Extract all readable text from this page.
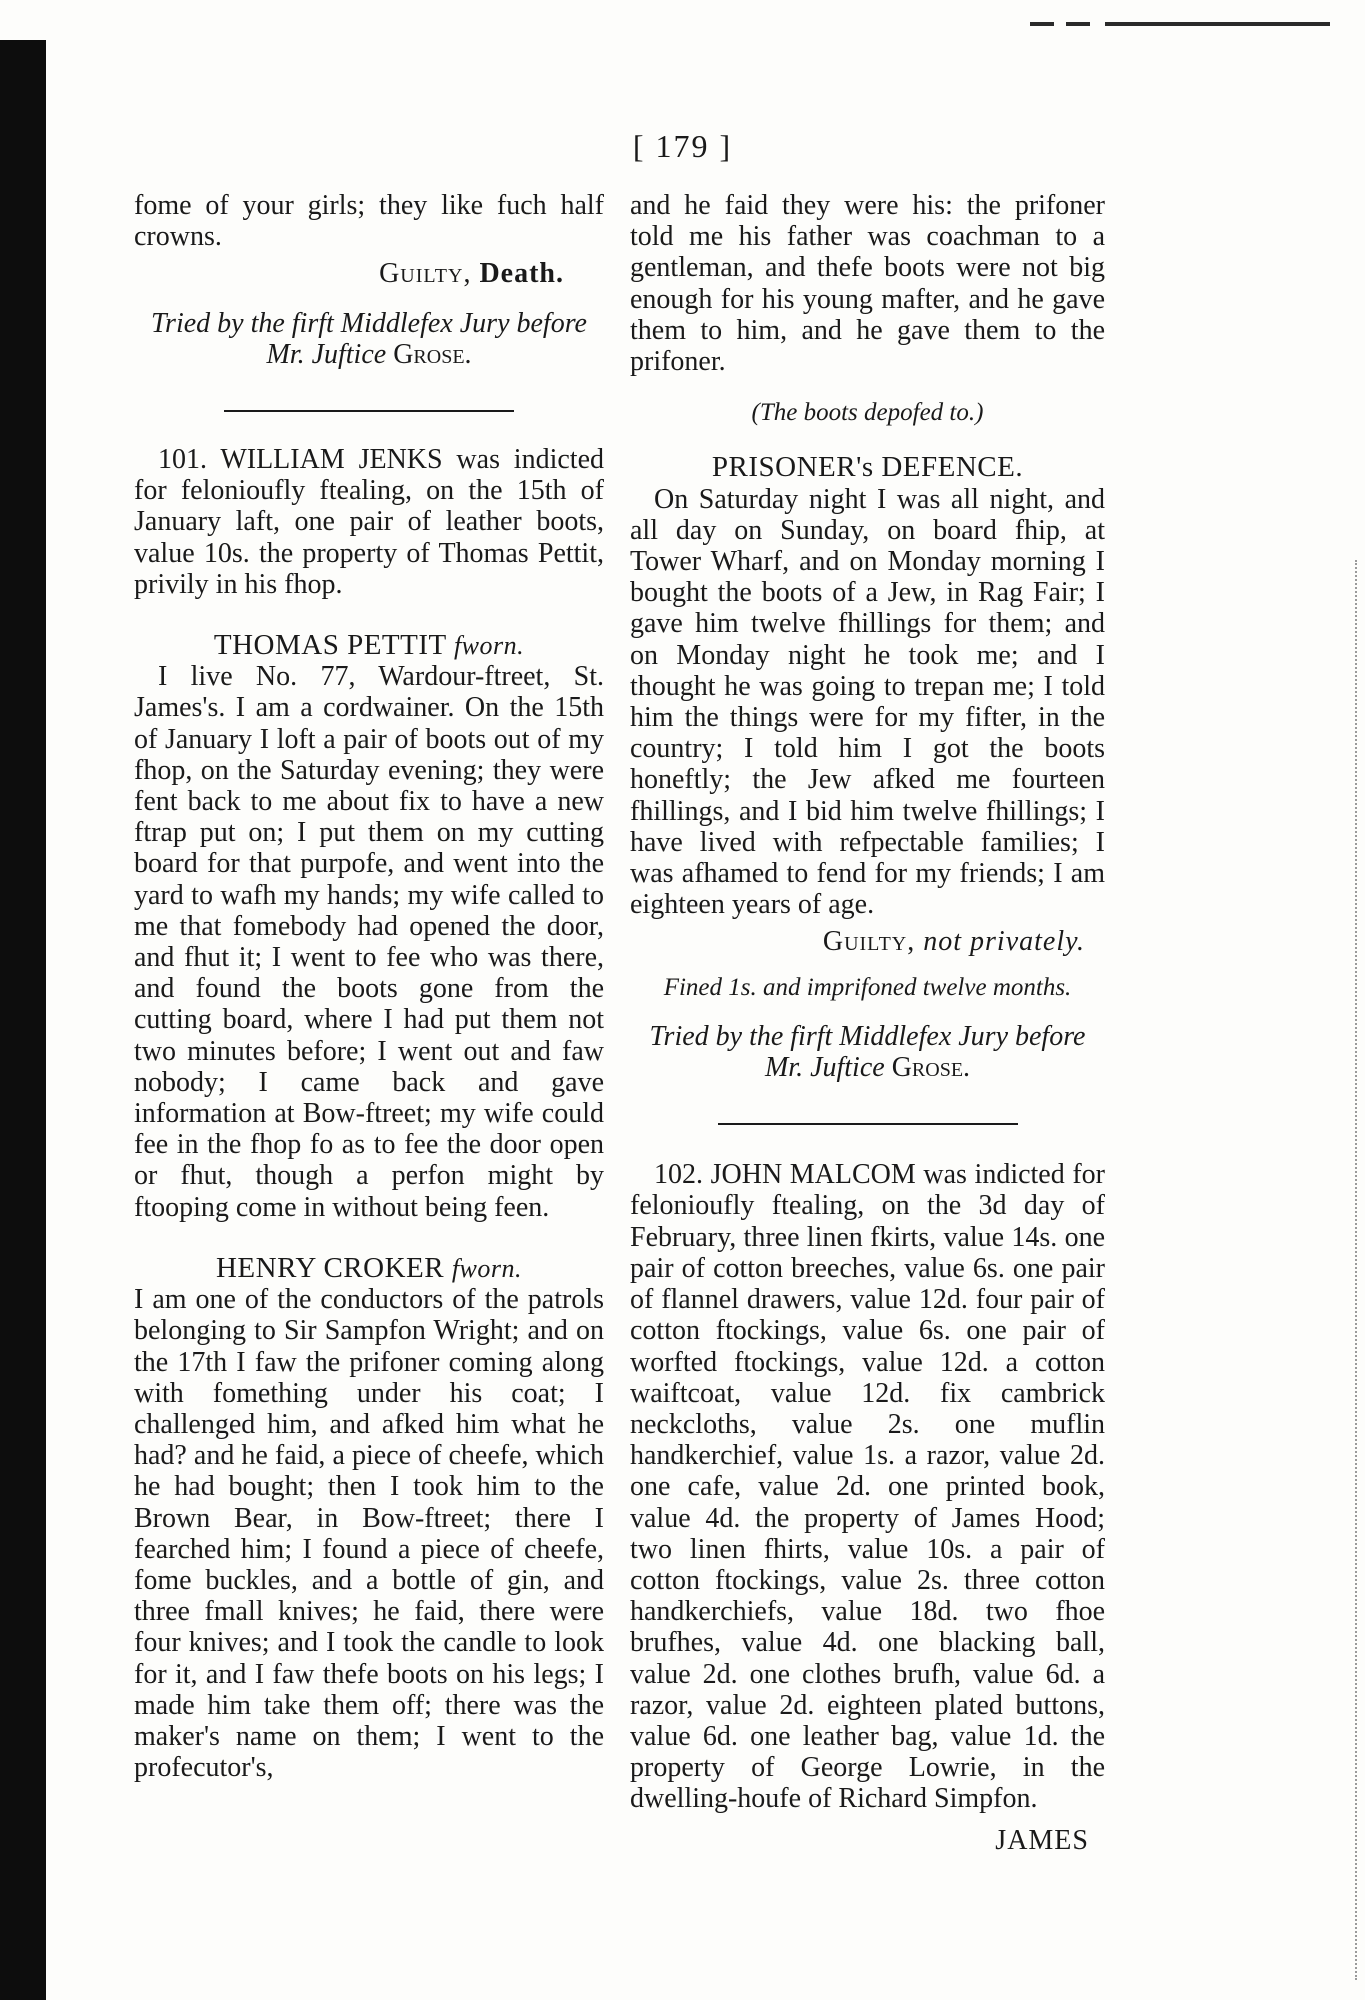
[ 179 ]

fome of your girls; they like fuch half crowns.

Guilty, Death.

Tried by the firft Middlefex Jury before
Mr. Juftice Grose.

101. WILLIAM JENKS was indicted for felonioufly ftealing, on the 15th of January laft, one pair of leather boots, value 10s. the property of Thomas Pettit, privily in his fhop.

THOMAS PETTIT fworn.

I live No. 77, Wardour-ftreet, St. James's. I am a cordwainer. On the 15th of January I loft a pair of boots out of my fhop, on the Saturday evening; they were fent back to me about fix to have a new ftrap put on; I put them on my cutting board for that purpofe, and went into the yard to wafh my hands; my wife called to me that fomebody had opened the door, and fhut it; I went to fee who was there, and found the boots gone from the cutting board, where I had put them not two minutes before; I went out and faw nobody; I came back and gave information at Bow-ftreet; my wife could fee in the fhop fo as to fee the door open or fhut, though a perfon might by ftooping come in without being feen.

HENRY CROKER fworn.

I am one of the conductors of the patrols belonging to Sir Sampfon Wright; and on the 17th I faw the prifoner coming along with fomething under his coat; I challenged him, and afked him what he had? and he faid, a piece of cheefe, which he had bought; then I took him to the Brown Bear, in Bow-ftreet; there I fearched him; I found a piece of cheefe, fome buckles, and a bottle of gin, and three fmall knives; he faid, there were four knives; and I took the candle to look for it, and I faw thefe boots on his legs; I made him take them off; there was the maker's name on them; I went to the profecutor's,

and he faid they were his: the prifoner told me his father was coachman to a gentleman, and thefe boots were not big enough for his young mafter, and he gave them to him, and he gave them to the prifoner.

(The boots depofed to.)

PRISONER's DEFENCE.

On Saturday night I was all night, and all day on Sunday, on board fhip, at Tower Wharf, and on Monday morning I bought the boots of a Jew, in Rag Fair; I gave him twelve fhillings for them; and on Monday night he took me; and I thought he was going to trepan me; I told him the things were for my fifter, in the country; I told him I got the boots honeftly; the Jew afked me fourteen fhillings, and I bid him twelve fhillings; I have lived with refpectable families; I was afhamed to fend for my friends; I am eighteen years of age.

Guilty, not privately.

Fined 1s. and imprifoned twelve months.

Tried by the firft Middlefex Jury before
Mr. Juftice Grose.

102. JOHN MALCOM was indicted for felonioufly ftealing, on the 3d day of February, three linen fkirts, value 14s. one pair of cotton breeches, value 6s. one pair of flannel drawers, value 12d. four pair of cotton ftockings, value 6s. one pair of worfted ftockings, value 12d. a cotton waiftcoat, value 12d. fix cambrick neckcloths, value 2s. one muflin handkerchief, value 1s. a razor, value 2d. one cafe, value 2d. one printed book, value 4d. the property of James Hood; two linen fhirts, value 10s. a pair of cotton ftockings, value 2s. three cotton handkerchiefs, value 18d. two fhoe brufhes, value 4d. one blacking ball, value 2d. one clothes brufh, value 6d. a razor, value 2d. eighteen plated buttons, value 6d. one leather bag, value 1d. the property of George Lowrie, in the dwelling-houfe of Richard Simpfon.

JAMES
